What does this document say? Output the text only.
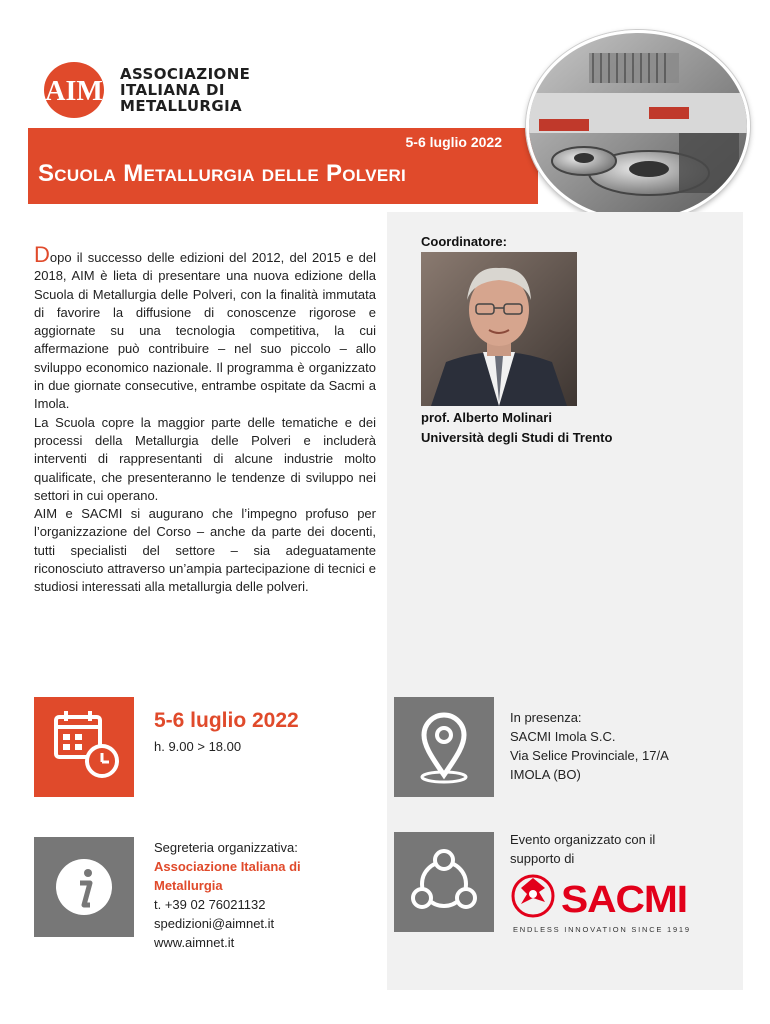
AIM
ASSOCIAZIONE
ITALIANA DI
METALLURGIA
5-6 luglio 2022
Scuola Metallurgia delle Polveri
Coordinatore:
prof. Alberto Molinari
Università degli Studi di Trento

Dopo il successo delle edizioni del 2012, del 2015 e del 2018, AIM è lieta di presentare una nuova edizione della Scuola di Metallurgia delle Polveri, con la finalità immutata di favorire la diffusione di conoscenze rigorose e aggiornate su una tecnologia competitiva, la cui affermazione può contribuire – nel suo piccolo – allo sviluppo economico nazionale. Il programma è organizzato in due giornate consecutive, entrambe ospitate da Sacmi a Imola.

La Scuola copre la maggior parte delle tematiche e dei processi della Metallurgia delle Polveri e includerà interventi di rappresentanti di alcune industrie molto qualificate, che presenteranno le tendenze di sviluppo nei settori in cui operano.

AIM e SACMI si augurano che l’impegno profuso per l’organizzazione del Corso – anche da parte dei docenti, tutti specialisti del settore – sia adeguatamente riconosciuto attraverso un’ampia partecipazione di tecnici e studiosi interessati alla metallurgia delle polveri.

5-6 luglio 2022
h. 9.00 > 18.00
In presenza:
SACMI Imola S.C.
Via Selice Provinciale, 17/A
IMOLA (BO)
Segreteria organizzativa:
Associazione Italiana di
Metallurgia
t. +39 02 76021132
spedizioni@aimnet.it
www.aimnet.it
Evento organizzato con il
supporto di
SACMI
ENDLESS INNOVATION SINCE 1919
